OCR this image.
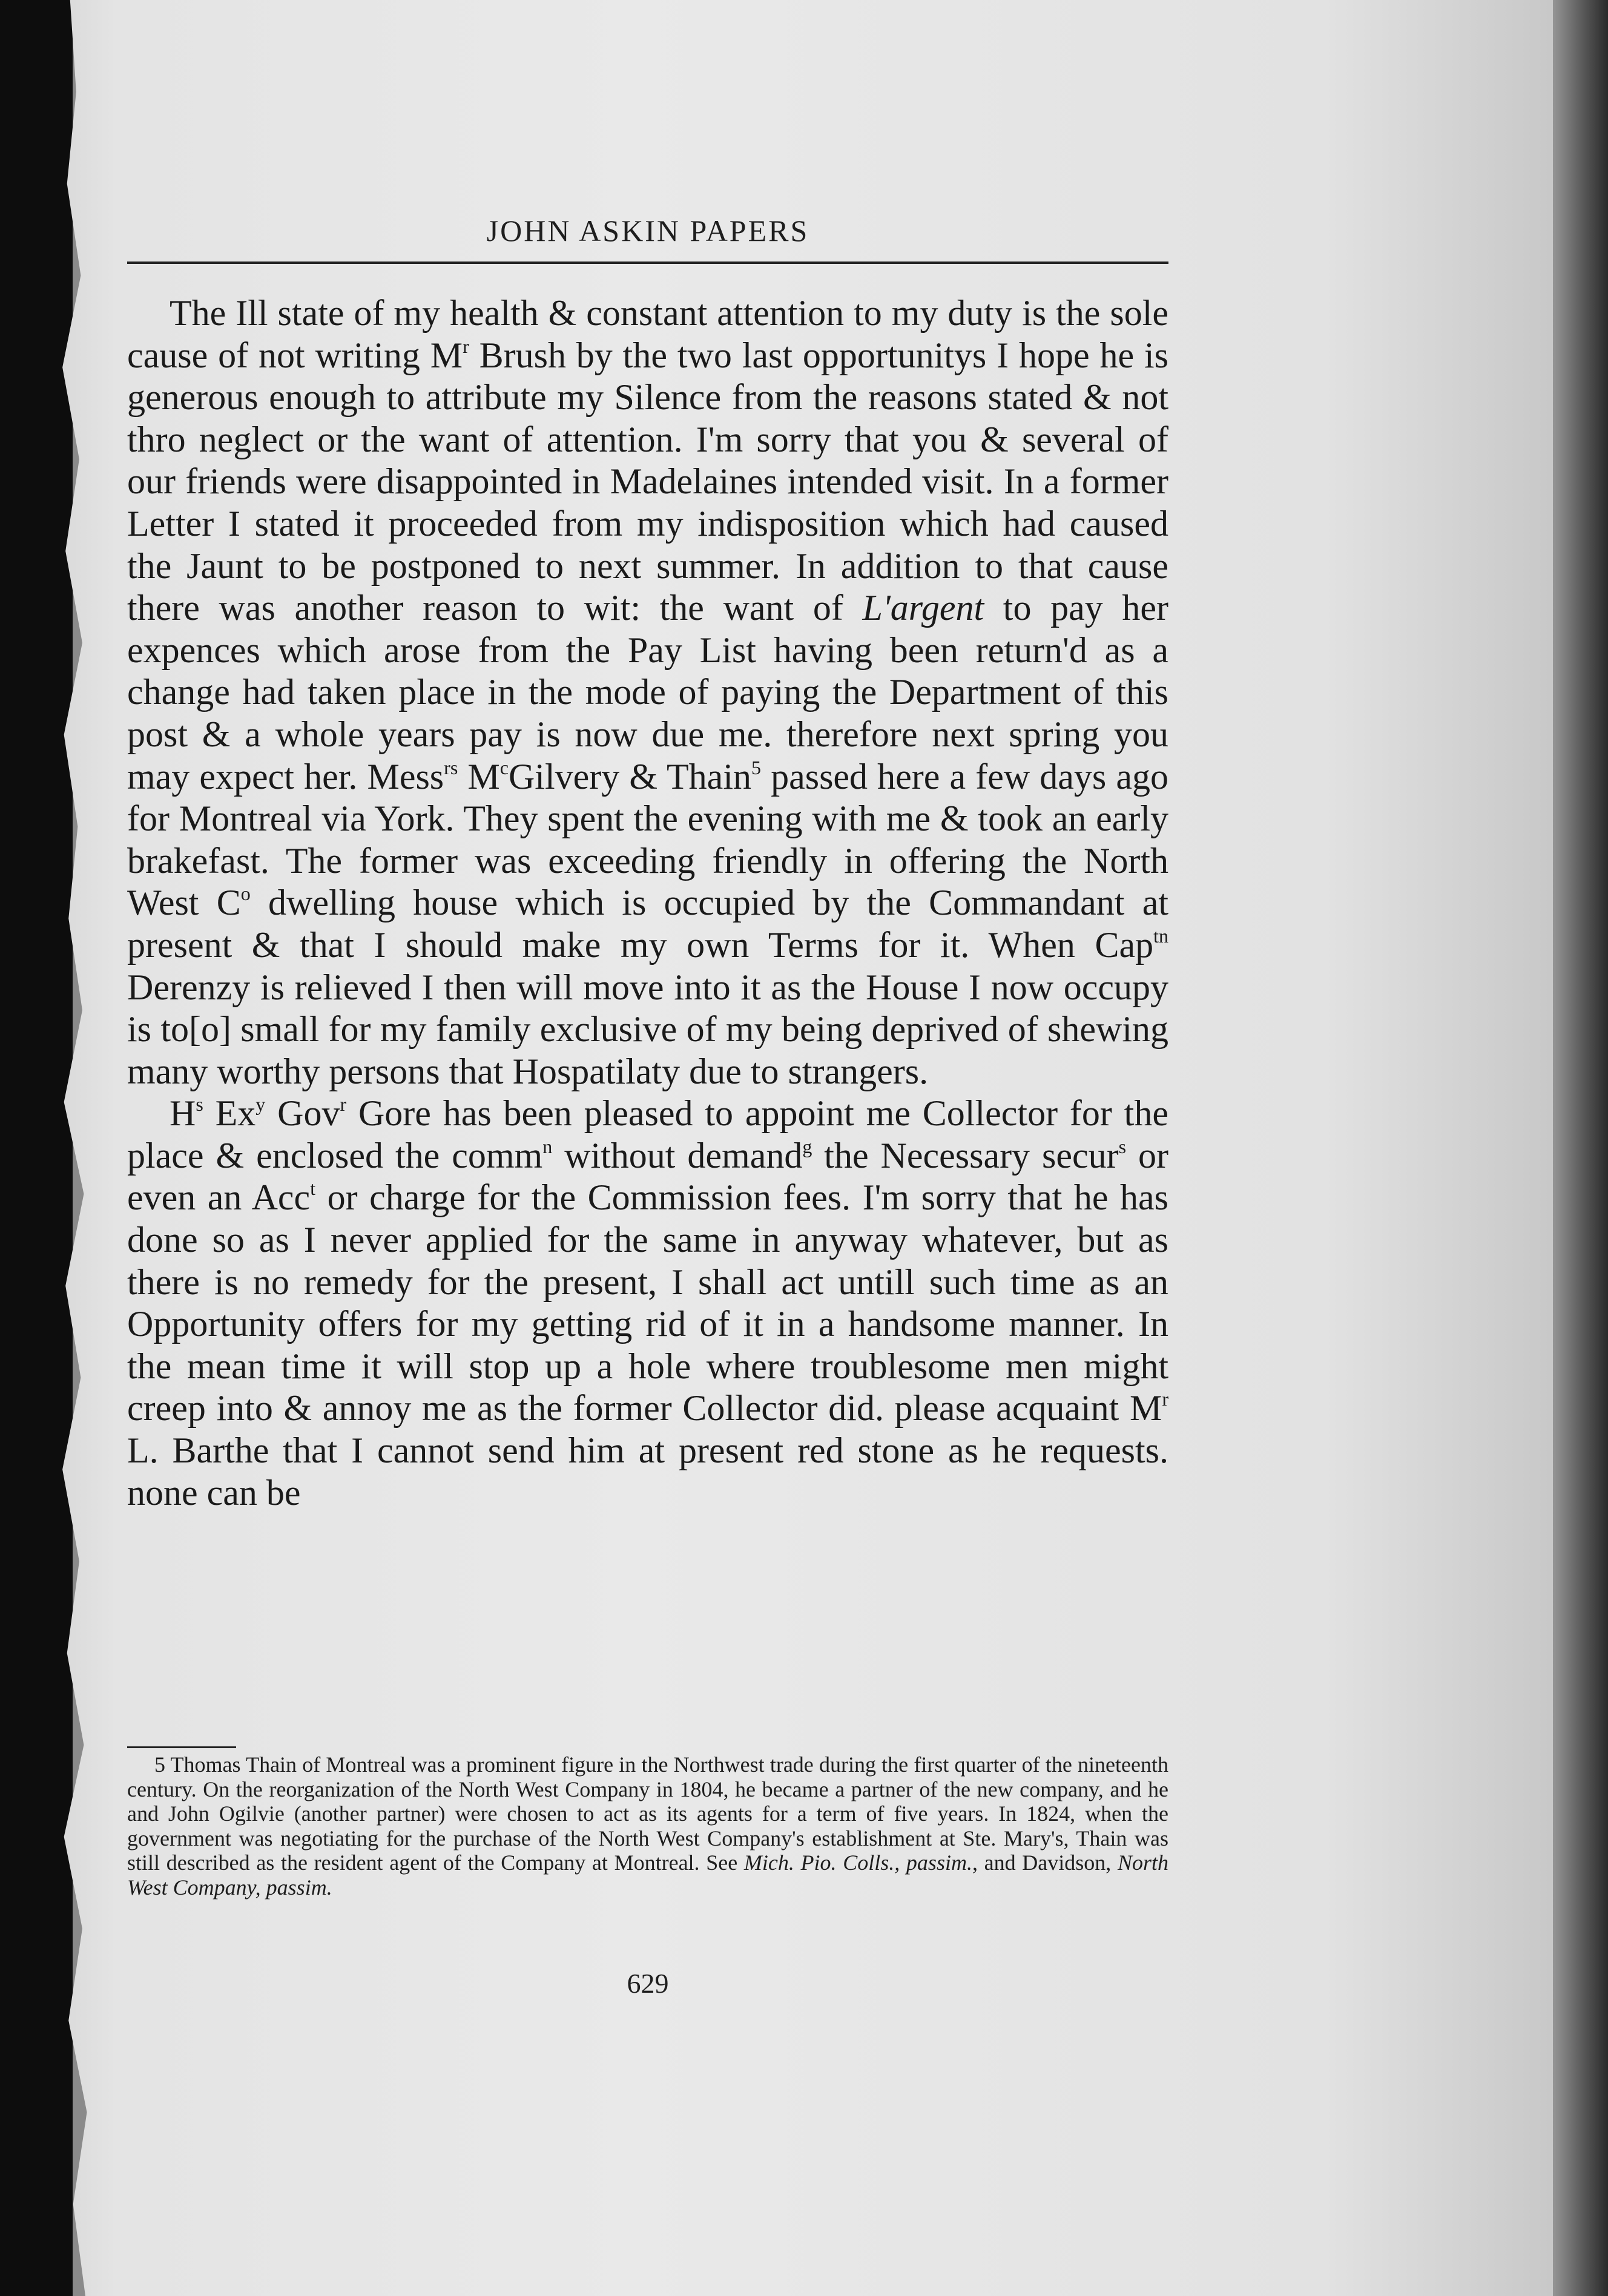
JOHN ASKIN PAPERS

The Ill state of my health & constant attention to my duty is the sole cause of not writing $M^r$ Brush by the two last opportunitys I hope he is generous enough to attribute my Silence from the reasons stated & not thro neglect or the want of attention. I'm sorry that you & several of our friends were disappointed in Madelaines intended visit. In a former Letter I stated it proceeded from my indisposition which had caused the Jaunt to be postponed to next summer. In addition to that cause there was another reason to wit: the want of L'argent to pay her expences which arose from the Pay List having been return'd as a change had taken place in the mode of paying the Department of this post & a whole years pay is now due me. therefore next spring you may expect her. Mess$^{rs}$ $M^cGilvery$ & Thain$^5$ passed here a few days ago for Montreal via York. They spent the evening with me & took an early brakefast. The former was exceeding friendly in offering the North West $C^o$ dwelling house which is occupied by the Commandant at present & that I should make my own Terms for it. When Cap$^{tn}$ Derenzy is relieved I then will move into it as the House I now occupy is to[o] small for my family exclusive of my being deprived of shewing many worthy persons that Hospatilaty due to strangers.

$H^s$ Ex$^y$ Gov$^r$ Gore has been pleased to appoint me Collector for the place & enclosed the comm$^n$ without demand$^g$ the Necessary secur$^s$ or even an Acc$^t$ or charge for the Commission fees. I'm sorry that he has done so as I never applied for the same in anyway whatever, but as there is no remedy for the present, I shall act untill such time as an Opportunity offers for my getting rid of it in a handsome manner. In the mean time it will stop up a hole where troublesome men might creep into & annoy me as the former Collector did. please acquaint $M^r$ L. Barthe that I cannot send him at present red stone as he requests. none can be

5 Thomas Thain of Montreal was a prominent figure in the Northwest trade during the first quarter of the nineteenth century. On the reorganization of the North West Company in 1804, he became a partner of the new company, and he and John Ogilvie (another partner) were chosen to act as its agents for a term of five years. In 1824, when the government was negotiating for the purchase of the North West Company's establishment at Ste. Mary's, Thain was still described as the resident agent of the Company at Montreal. See Mich. Pio. Colls., passim., and Davidson, North West Company, passim.

629
